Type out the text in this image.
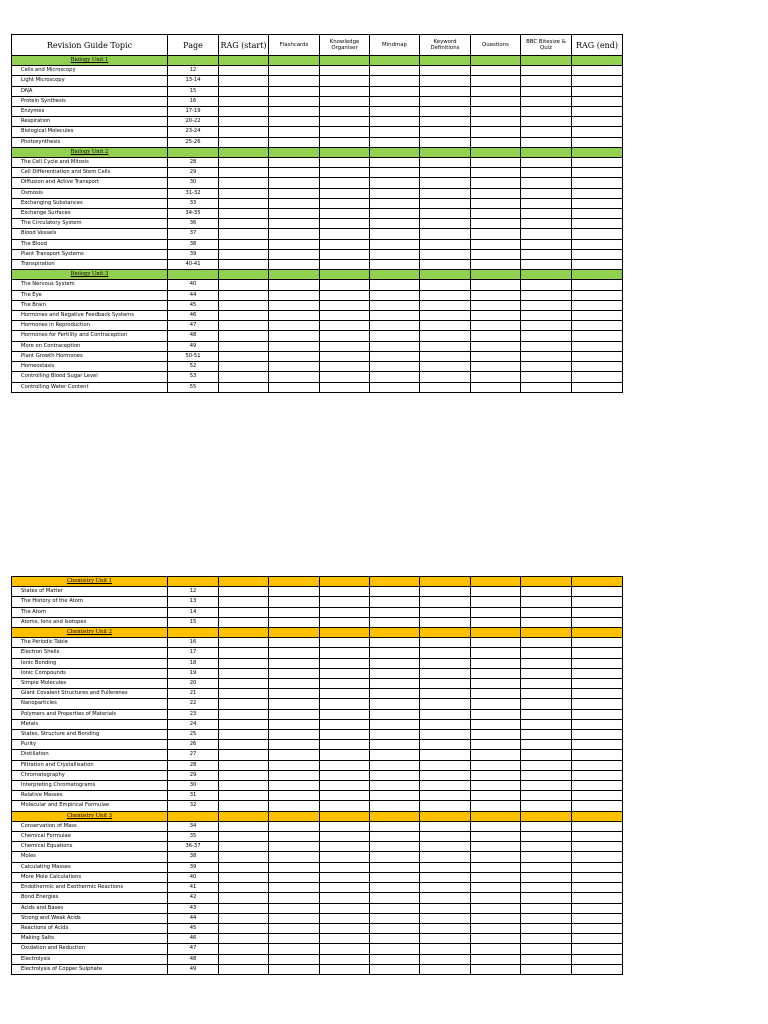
Revision Guide Topic	Page	RAG (start)	Flashcards	Knowledge Organiser	Mindmap	Keyword Definitions	Questions	BBC Bitesize & Quiz	RAG (end)
Biology Unit 1									
Cells and Microscopy	12								
Light Microscopy	13-14								
DNA	15								
Protein Synthesis	16								
Enzymes	17-19								
Respiration	20-22								
Biological Molecules	23-24								
Photosynthesis	25-26								
Biology Unit 2									
The Cell Cycle and Mitosis	28								
Cell Differentiation and Stem Cells	29								
Diffusion and Active Transport	30								
Osmosis	31-32								
Exchanging Substances	33								
Exchange Surfaces	34-35								
The Circulatory System	36								
Blood Vessels	37								
The Blood	38								
Plant Transport Systems	39								
Transpiration	40-41								
Biology Unit 3									
The Nervous System	40								
The Eye	44								
The Brain	45								
Hormones and Negative Feedback Systems	46								
Hormones in Reproduction	47								
Hormones for Fertility and Contraception	48								
More on Contraception	49								
Plant Growth Hormones	50-51								
Homeostasis	52								
Controlling Blood Sugar Level	53								
Controlling Water Content	55								
Chemistry Unit 1									
States of Matter	12								
The History of the Atom	13								
The Atom	14								
Atoms, Ions and Isotopes	15								
Chemistry Unit 2									
The Periodic Table	16								
Electron Shells	17								
Ionic Bonding	18								
Ionic Compounds	19								
Simple Molecules	20								
Giant Covalent Structures and Fullerenes	21								
Nanoparticles	22								
Polymers and Properties of Materials	23								
Metals	24								
States, Structure and Bonding	25								
Purity	26								
Distillation	27								
Filtration and Crystallisation	28								
Chromatography	29								
Interpreting Chromatograms	30								
Relative Masses	31								
Molecular and Empirical Formulae	32								
Chemistry Unit 3									
Conservation of Mass	34								
Chemical Formulae	35								
Chemical Equations	36-37								
Moles	38								
Calculating Masses	39								
More Mole Calculations	40								
Endothermic and Exothermic Reactions	41								
Bond Energies	42								
Acids and Bases	43								
Strong and Weak Acids	44								
Reactions of Acids	45								
Making Salts	46								
Oxidation and Reduction	47								
Electrolysis	48								
Electrolysis of Copper Sulphate	49								
